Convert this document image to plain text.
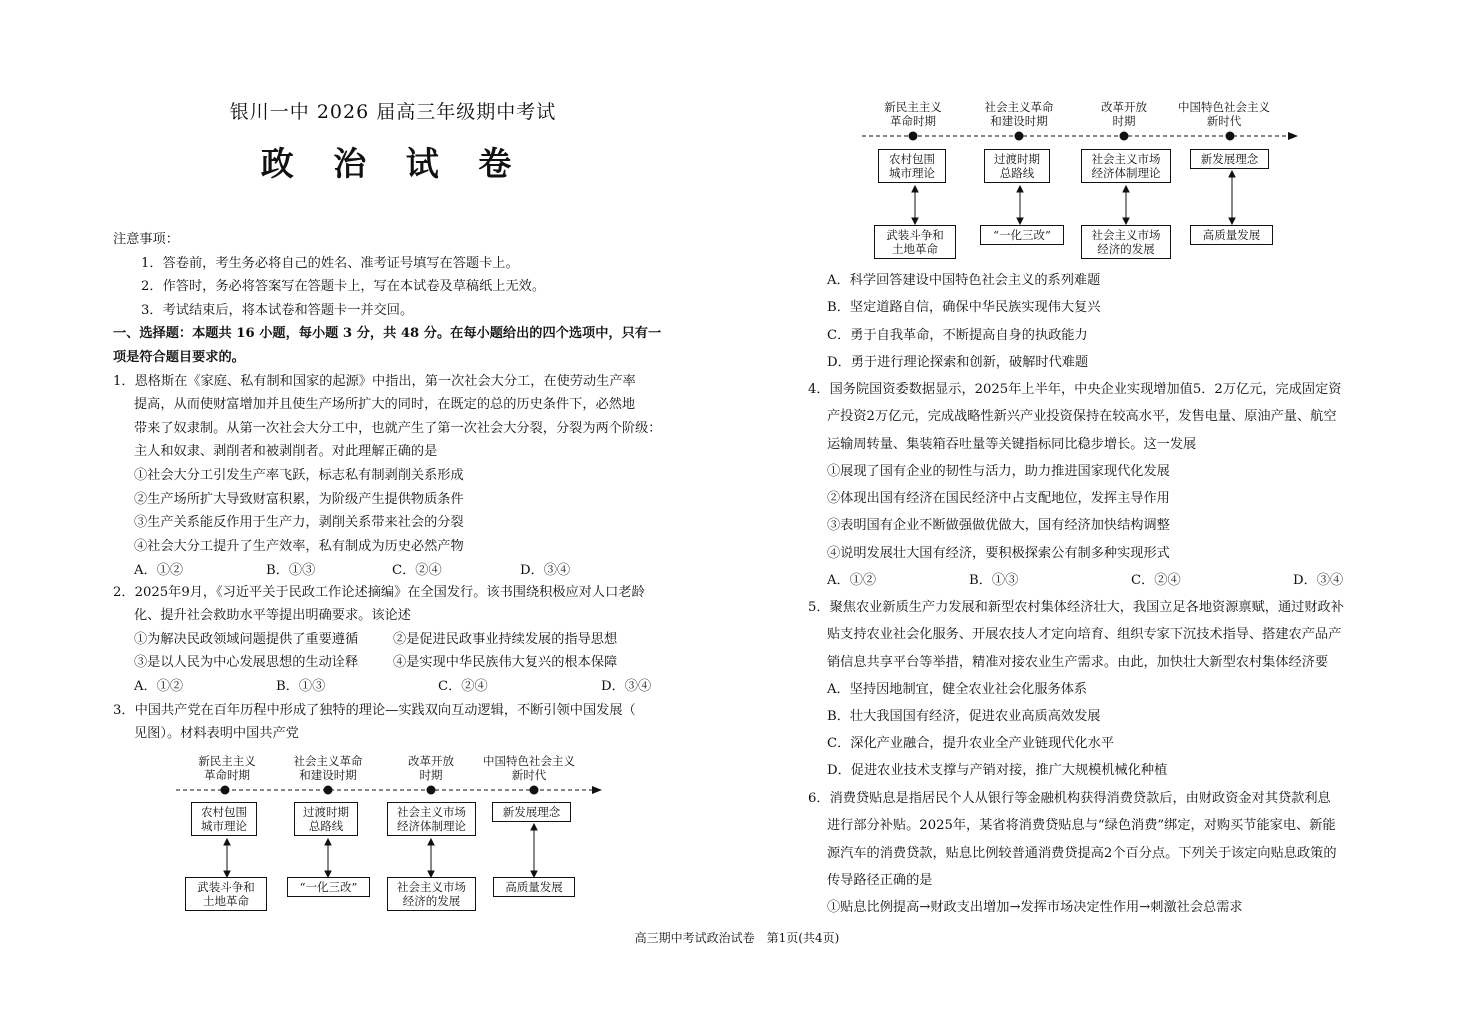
银川一中 2026 届高三年级期中考试
政 治 试 卷
注意事项：
1．答卷前，考生务必将自己的姓名、准考证号填写在答题卡上。
2．作答时，务必将答案写在答题卡上，写在本试卷及草稿纸上无效。
3．考试结束后，将本试卷和答题卡一并交回。
一、选择题：本题共 16 小题，每小题 3 分，共 48 分。在每小题给出的四个选项中，只有一
项是符合题目要求的。
1．恩格斯在《家庭、私有制和国家的起源》中指出，第一次社会大分工，在使劳动生产率
提高，从而使财富增加并且使生产场所扩大的同时，在既定的总的历史条件下，必然地
带来了奴隶制。从第一次社会大分工中，也就产生了第一次社会大分裂，分裂为两个阶级：
主人和奴隶、剥削者和被剥削者。对此理解正确的是
①社会大分工引发生产率飞跃，标志私有制剥削关系形成
②生产场所扩大导致财富积累，为阶级产生提供物质条件
③生产关系能反作用于生产力，剥削关系带来社会的分裂
④社会大分工提升了生产效率，私有制成为历史必然产物
A．①②	B．①③	C．②④	D．③④
2．2025年9月，《习近平关于民政工作论述摘编》在全国发行。该书围绕积极应对人口老龄
化、提升社会救助水平等提出明确要求。该论述
①为解决民政领域问题提供了重要遵循	②是促进民政事业持续发展的指导思想
③是以人民为中心发展思想的生动诠释	④是实现中华民族伟大复兴的根本保障
A．①②	B．①③	C．②④	D．③④
3．中国共产党在百年历程中形成了独特的理论—实践双向互动逻辑，不断引领中国发展（
见图）。材料表明中国共产党
新民主主义
革命时期
社会主义革命
和建设时期
改革开放
时期
中国特色社会主义
新时代
农村包围
城市理论
过渡时期
总路线
社会主义市场
经济体制理论
新发展理念
武装斗争和
土地革命
“一化三改”	社会主义市场
经济的发展
高质量发展
新民主主义
革命时期
社会主义革命
和建设时期
改革开放
时期
中国特色社会主义
新时代
农村包围
城市理论
过渡时期
总路线
社会主义市场
经济体制理论
新发展理念
武装斗争和
土地革命
“一化三改”	社会主义市场
经济的发展
高质量发展
A．科学回答建设中国特色社会主义的系列难题
B．坚定道路自信，确保中华民族实现伟大复兴
C．勇于自我革命，不断提高自身的执政能力
D．勇于进行理论探索和创新，破解时代难题
4．国务院国资委数据显示，2025年上半年，中央企业实现增加值5．2万亿元，完成固定资
产投资2万亿元，完成战略性新兴产业投资保持在较高水平，发售电量、原油产量、航空
运输周转量、集装箱吞吐量等关键指标同比稳步增长。这一发展
①展现了国有企业的韧性与活力，助力推进国家现代化发展
②体现出国有经济在国民经济中占支配地位，发挥主导作用
③表明国有企业不断做强做优做大，国有经济加快结构调整
④说明发展壮大国有经济，要积极探索公有制多种实现形式
A．①②	B．①③	C．②④	D．③④
5．聚焦农业新质生产力发展和新型农村集体经济壮大，我国立足各地资源禀赋，通过财政补
贴支持农业社会化服务、开展农技人才定向培育、组织专家下沉技术指导、搭建农产品产
销信息共享平台等举措，精准对接农业生产需求。由此，加快壮大新型农村集体经济要
A．坚持因地制宜，健全农业社会化服务体系
B．壮大我国国有经济，促进农业高质高效发展
C．深化产业融合，提升农业全产业链现代化水平
D．促进农业技术支撑与产销对接，推广大规模机械化种植
6．消费贷贴息是指居民个人从银行等金融机构获得消费贷款后，由财政资金对其贷款利息
进行部分补贴。2025年，某省将消费贷贴息与“绿色消费”绑定，对购买节能家电、新能
源汽车的消费贷款，贴息比例较普通消费贷提高2个百分点。下列关于该定向贴息政策的
传导路径正确的是
①贴息比例提高→财政支出增加→发挥市场决定性作用→刺激社会总需求
高三期中考试政治试卷　第1页(共4页)
